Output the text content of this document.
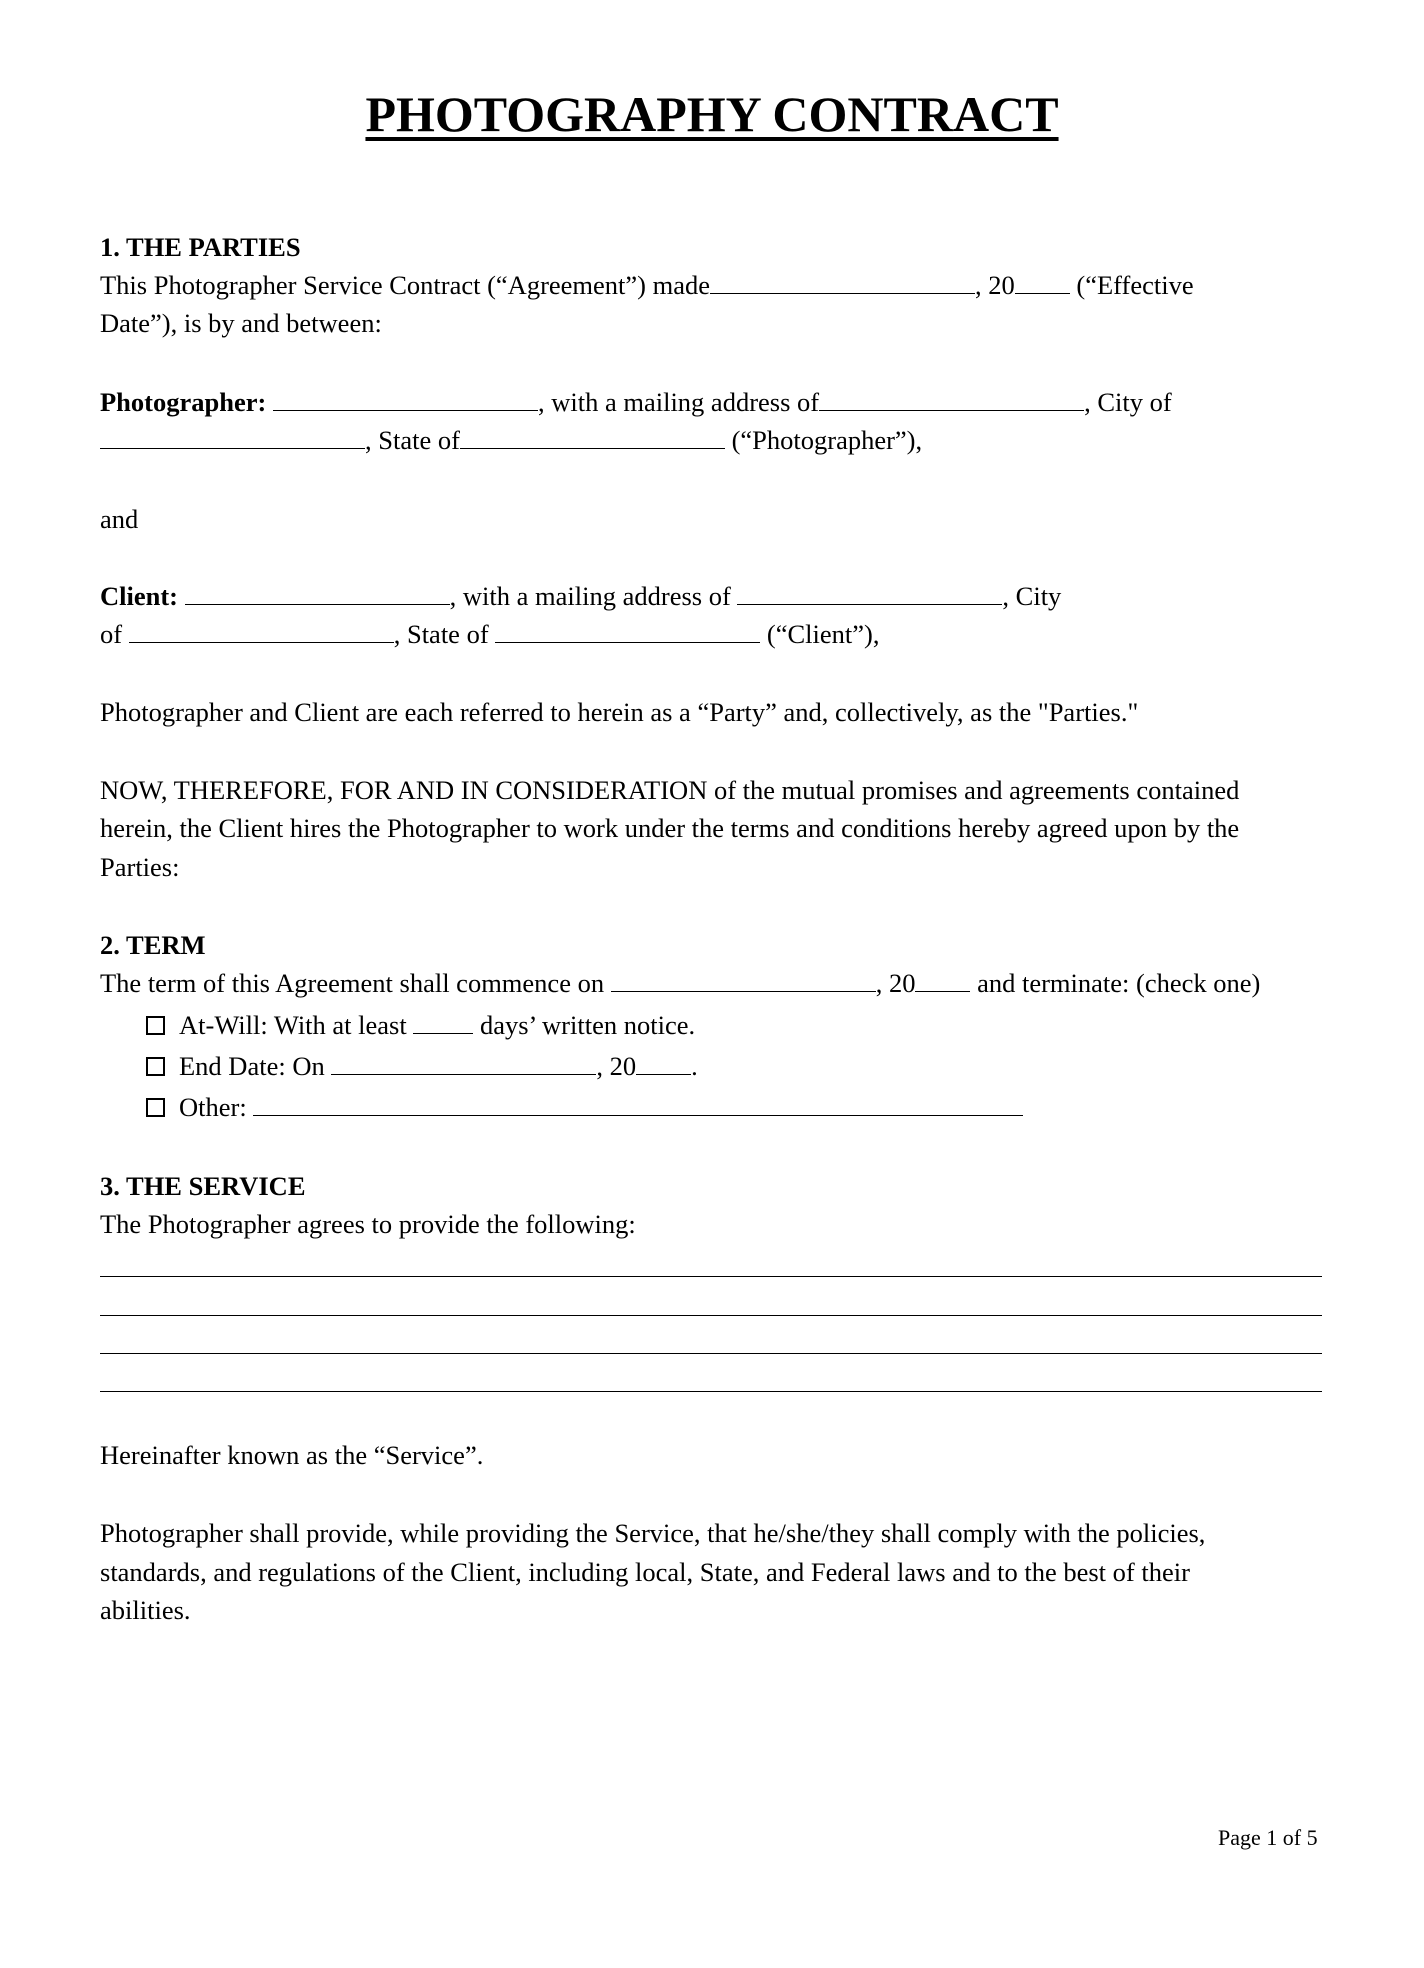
PHOTOGRAPHY CONTRACT
1. THE PARTIES
This Photographer Service Contract (“Agreement”) made	, 20 (“Effective
Date”), is by and between:
Photographer:	, with a mailing address of	, City of
, State of	(“Photographer”),
and
Client:	, with a mailing address of	, City
of	, State of	(“Client”),
Photographer and Client are each referred to herein as a “Party” and, collectively, as the "Parties."
NOW, THEREFORE, FOR AND IN CONSIDERATION of the mutual promises and agreements contained
herein, the Client hires the Photographer to work under the terms and conditions hereby agreed upon by the
Parties:
2. TERM
The term of this Agreement shall commence on	, 20 and terminate: (check one)
At-Will: With at least  days’ written notice.
End Date: On	, 20 .
Other:
3. THE SERVICE
The Photographer agrees to provide the following:
Hereinafter known as the “Service”.
Photographer shall provide, while providing the Service, that he/she/they shall comply with the policies,
standards, and regulations of the Client, including local, State, and Federal laws and to the best of their
abilities.
Page 1 of 5
